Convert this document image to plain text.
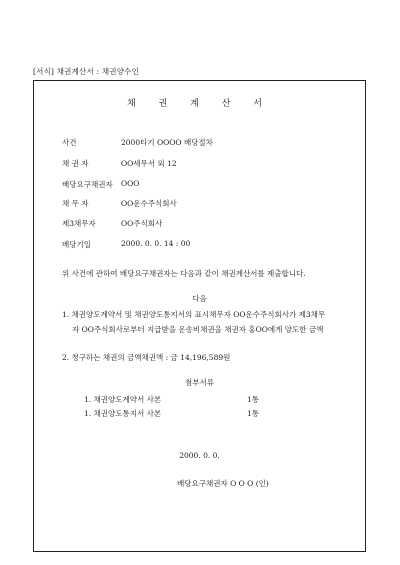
[서식] 채권계산서 : 채권양수인
채 권 계 산 서
사건	2000타기 OOOO 배당절차
채 권 자	OO세무서 외 12
배당요구채권자 OOO
채 무 자	OO운수주식회사
제3채무자	OO주식회사
배당기일	2000. 0. 0. 14 : 00
위 사건에 관하여 배당요구채권자는 다음과 같이 채권계산서를 제출합니다.
다음
1. 채권양도계약서 및 채권양도통지서의 표시채무자 OO운수주식회사가 제3채무
자 OO주식회사로부터 지급받을 운송비채권을 채권자 홍OO에게 양도한 금액
2. 청구하는 채권의 금액채권액 : 금 14,196,589원
첨부서류
1. 채권양도계약서 사본	1통
1. 채권양도통지서 사본	1통
2000. 0. 0.
배당요구채권자 O O O (인)
